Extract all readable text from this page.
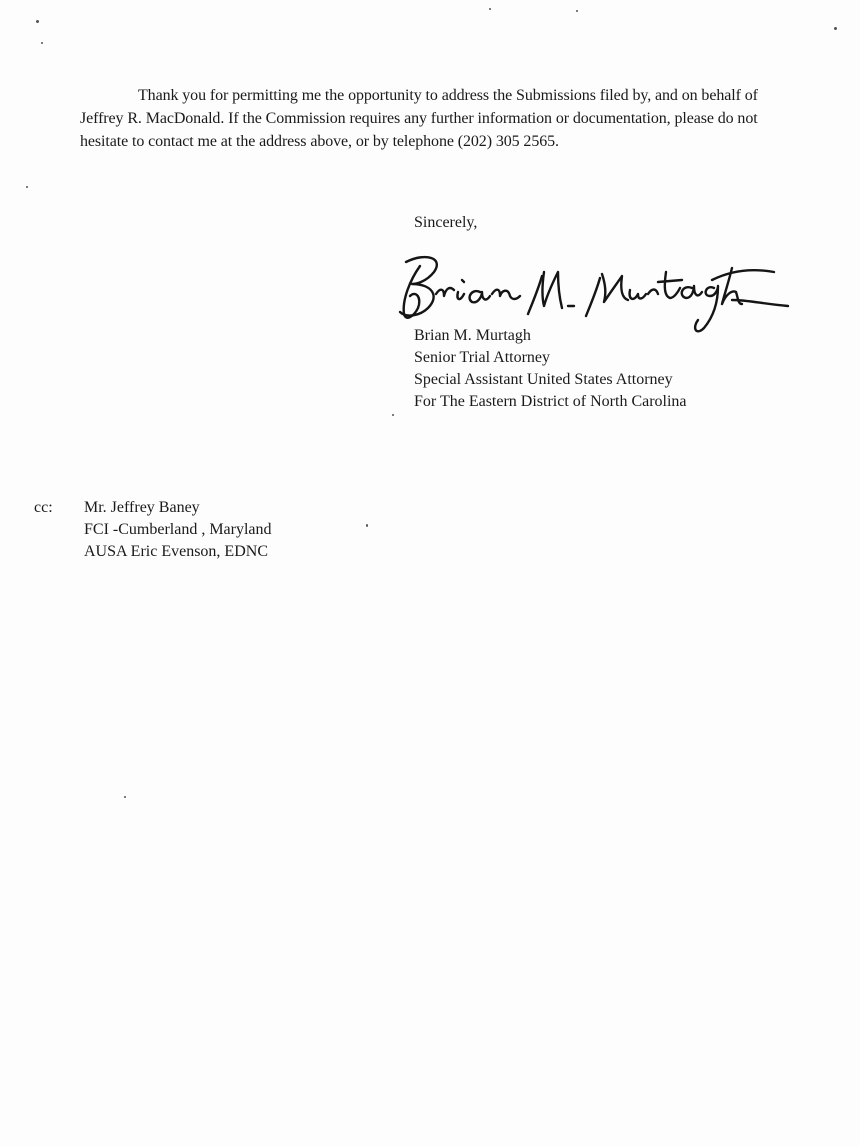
Thank you for permitting me the opportunity to address the Submissions filed by, and on behalf of Jeffrey R. MacDonald. If the Commission requires any further information or documentation, please do not hesitate to contact me at the address above, or by telephone (202) 305 2565.

Sincerely,
Brian M. Murtagh
Senior Trial Attorney
Special Assistant United States Attorney
For The Eastern District of North Carolina
cc:	Mr. Jeffrey Baney
FCI -Cumberland , Maryland
AUSA Eric Evenson, EDNC
